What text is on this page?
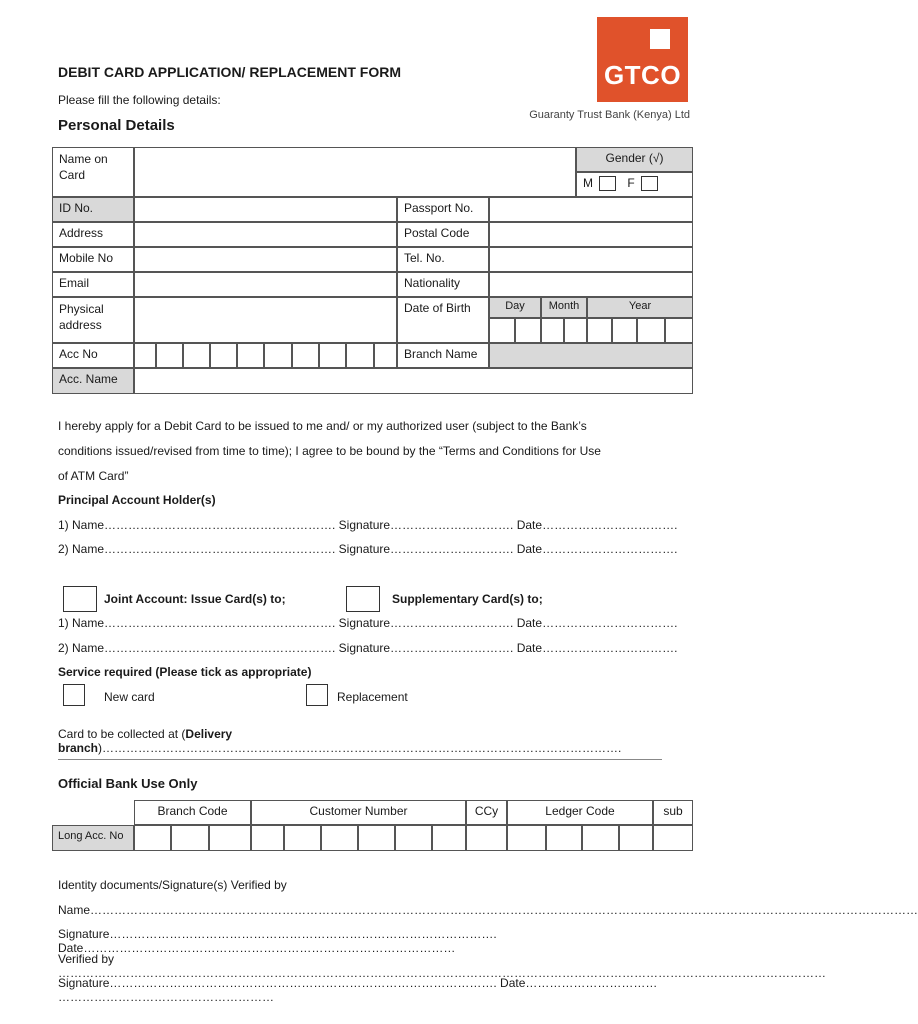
GTCO
Guaranty Trust Bank (Kenya) Ltd
DEBIT CARD APPLICATION/ REPLACEMENT FORM
Please fill the following details:
Personal Details
Name on Card
Gender (√)
M	F
ID No.	Passport No.
Address	Postal Code
Mobile No	Tel. No.
Email	Nationality
Physical address
Date of Birth	Day	Month	Year
Acc No	Branch Name
Acc. Name
I hereby apply for a Debit Card to be issued to me and/ or my authorized user (subject to the Bank’s
conditions issued/revised from time to time); I agree to be bound by the “Terms and Conditions for Use
of ATM Card”
Principal Account Holder(s)
1) Name…………………………………………………. Signature…………………………. Date…………………………….
2) Name…………………………………………………. Signature…………………………. Date…………………………….
Joint Account: Issue Card(s) to;	Supplementary Card(s) to;
1) Name…………………………………………………. Signature…………………………. Date…………………………….
2) Name…………………………………………………. Signature…………………………. Date…………………………….
Service required (Please tick as appropriate)
New card	Replacement
Card to be collected at (Delivery branch)………………………………………………………………………………………………………………….
Official Bank Use Only
Branch Code	Customer Number	CCy	Ledger Code	sub
Long Acc. No
Identity documents/Signature(s) Verified by
Name………………………………………………………………………………………………………………………………………………………………………………………
Signature……………………………………………………………………………………. Date…………………………………………………………………………………
Verified by …………………………………………………………………………………………………………………………………………………………………………
Signature……………………………………………………………………………………. Date…………………………… ………………………………………………
